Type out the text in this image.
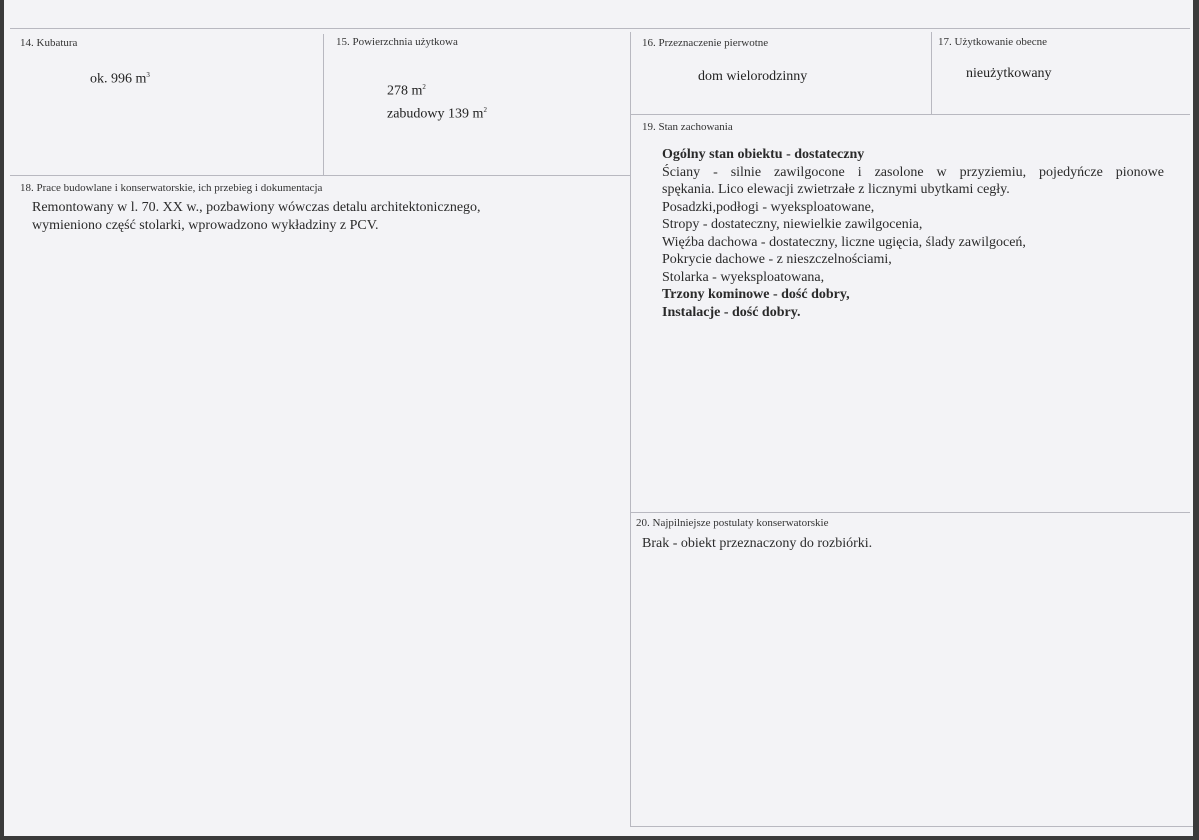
14. Kubatura
ok. 996 $m^3$
15. Powierzchnia użytkowa
278 $m^2$
zabudowy 139 $m^2$
16. Przeznaczenie pierwotne
dom wielorodzinny
17. Użytkowanie obecne
nieużytkowany
19. Stan zachowania
Ogólny stan obiektu - dostateczny
Ściany - silnie zawilgocone i zasolone w przyziemiu, pojedyńcze pionowe
spękania. Lico elewacji zwietrzałe z licznymi ubytkami cegły.
Posadzki,podłogi - wyeksploatowane,
Stropy - dostateczny, niewielkie zawilgocenia,
Więźba dachowa - dostateczny, liczne ugięcia, ślady zawilgoceń,
Pokrycie dachowe - z nieszczelnościami,
Stolarka - wyeksploatowana,
Trzony kominowe - dość dobry,
Instalacje - dość dobry.
18. Prace budowlane i konserwatorskie, ich przebieg i dokumentacja
Remontowany w l. 70. XX w., pozbawiony wówczas detalu architektonicznego,
wymieniono część stolarki, wprowadzono wykładziny z PCV.
20. Najpilniejsze postulaty konserwatorskie
Brak - obiekt przeznaczony do rozbiórki.
